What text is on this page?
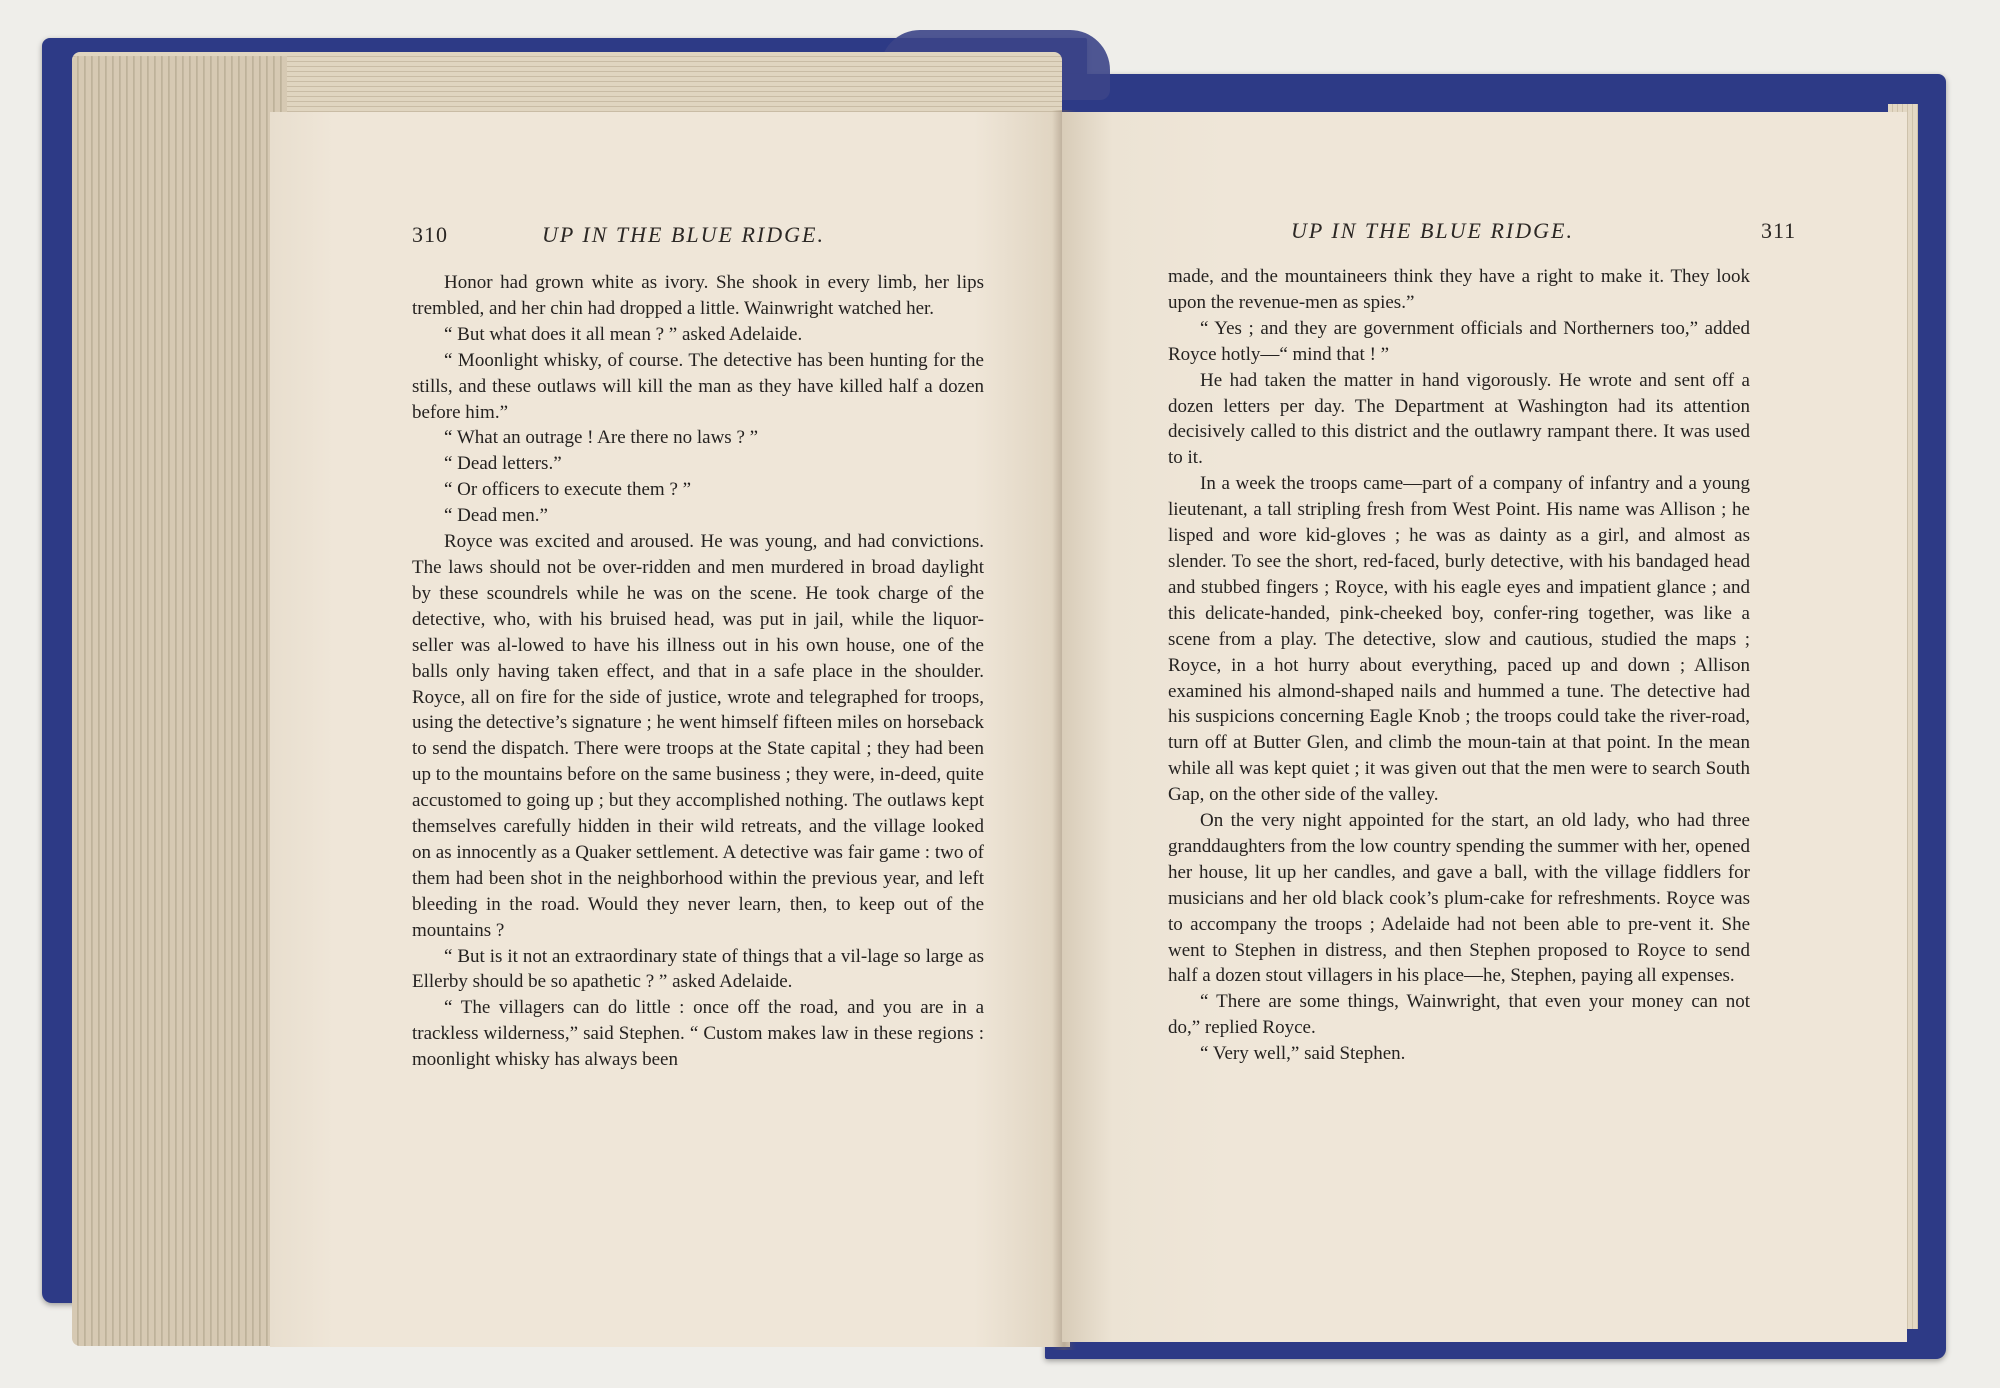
310	UP IN THE BLUE RIDGE.

Honor had grown white as ivory. She shook in every limb, her lips trembled, and her chin had dropped a little. Wainwright watched her.

“ But what does it all mean ? ” asked Adelaide.

“ Moonlight whisky, of course. The detective has been hunting for the stills, and these outlaws will kill the man as they have killed half a dozen before him.”

“ What an outrage ! Are there no laws ? ”

“ Dead letters.”

“ Or officers to execute them ? ”

“ Dead men.”

Royce was excited and aroused. He was young, and had convictions. The laws should not be over-ridden and men murdered in broad daylight by these scoundrels while he was on the scene. He took charge of the detective, who, with his bruised head, was put in jail, while the liquor-seller was al-lowed to have his illness out in his own house, one of the balls only having taken effect, and that in a safe place in the shoulder. Royce, all on fire for the side of justice, wrote and telegraphed for troops, using the detective’s signature ; he went himself fifteen miles on horseback to send the dispatch. There were troops at the State capital ; they had been up to the mountains before on the same business ; they were, in-deed, quite accustomed to going up ; but they accomplished nothing. The outlaws kept themselves carefully hidden in their wild retreats, and the village looked on as innocently as a Quaker settlement. A detective was fair game : two of them had been shot in the neighborhood within the previous year, and left bleeding in the road. Would they never learn, then, to keep out of the mountains ?

“ But is it not an extraordinary state of things that a vil-lage so large as Ellerby should be so apathetic ? ” asked Adelaide.

“ The villagers can do little : once off the road, and you are in a trackless wilderness,” said Stephen. “ Custom makes law in these regions : moonlight whisky has always been

UP IN THE BLUE RIDGE.	311

made, and the mountaineers think they have a right to make it. They look upon the revenue-men as spies.”

“ Yes ; and they are government officials and Northerners too,” added Royce hotly—“ mind that ! ”

He had taken the matter in hand vigorously. He wrote and sent off a dozen letters per day. The Department at Washington had its attention decisively called to this district and the outlawry rampant there. It was used to it.

In a week the troops came—part of a company of infantry and a young lieutenant, a tall stripling fresh from West Point. His name was Allison ; he lisped and wore kid-gloves ; he was as dainty as a girl, and almost as slender. To see the short, red-faced, burly detective, with his bandaged head and stubbed fingers ; Royce, with his eagle eyes and impatient glance ; and this delicate-handed, pink-cheeked boy, confer-ring together, was like a scene from a play. The detective, slow and cautious, studied the maps ; Royce, in a hot hurry about everything, paced up and down ; Allison examined his almond-shaped nails and hummed a tune. The detective had his suspicions concerning Eagle Knob ; the troops could take the river-road, turn off at Butter Glen, and climb the moun-tain at that point. In the mean while all was kept quiet ; it was given out that the men were to search South Gap, on the other side of the valley.

On the very night appointed for the start, an old lady, who had three granddaughters from the low country spending the summer with her, opened her house, lit up her candles, and gave a ball, with the village fiddlers for musicians and her old black cook’s plum-cake for refreshments. Royce was to accompany the troops ; Adelaide had not been able to pre-vent it. She went to Stephen in distress, and then Stephen proposed to Royce to send half a dozen stout villagers in his place—he, Stephen, paying all expenses.

“ There are some things, Wainwright, that even your money can not do,” replied Royce.

“ Very well,” said Stephen.
